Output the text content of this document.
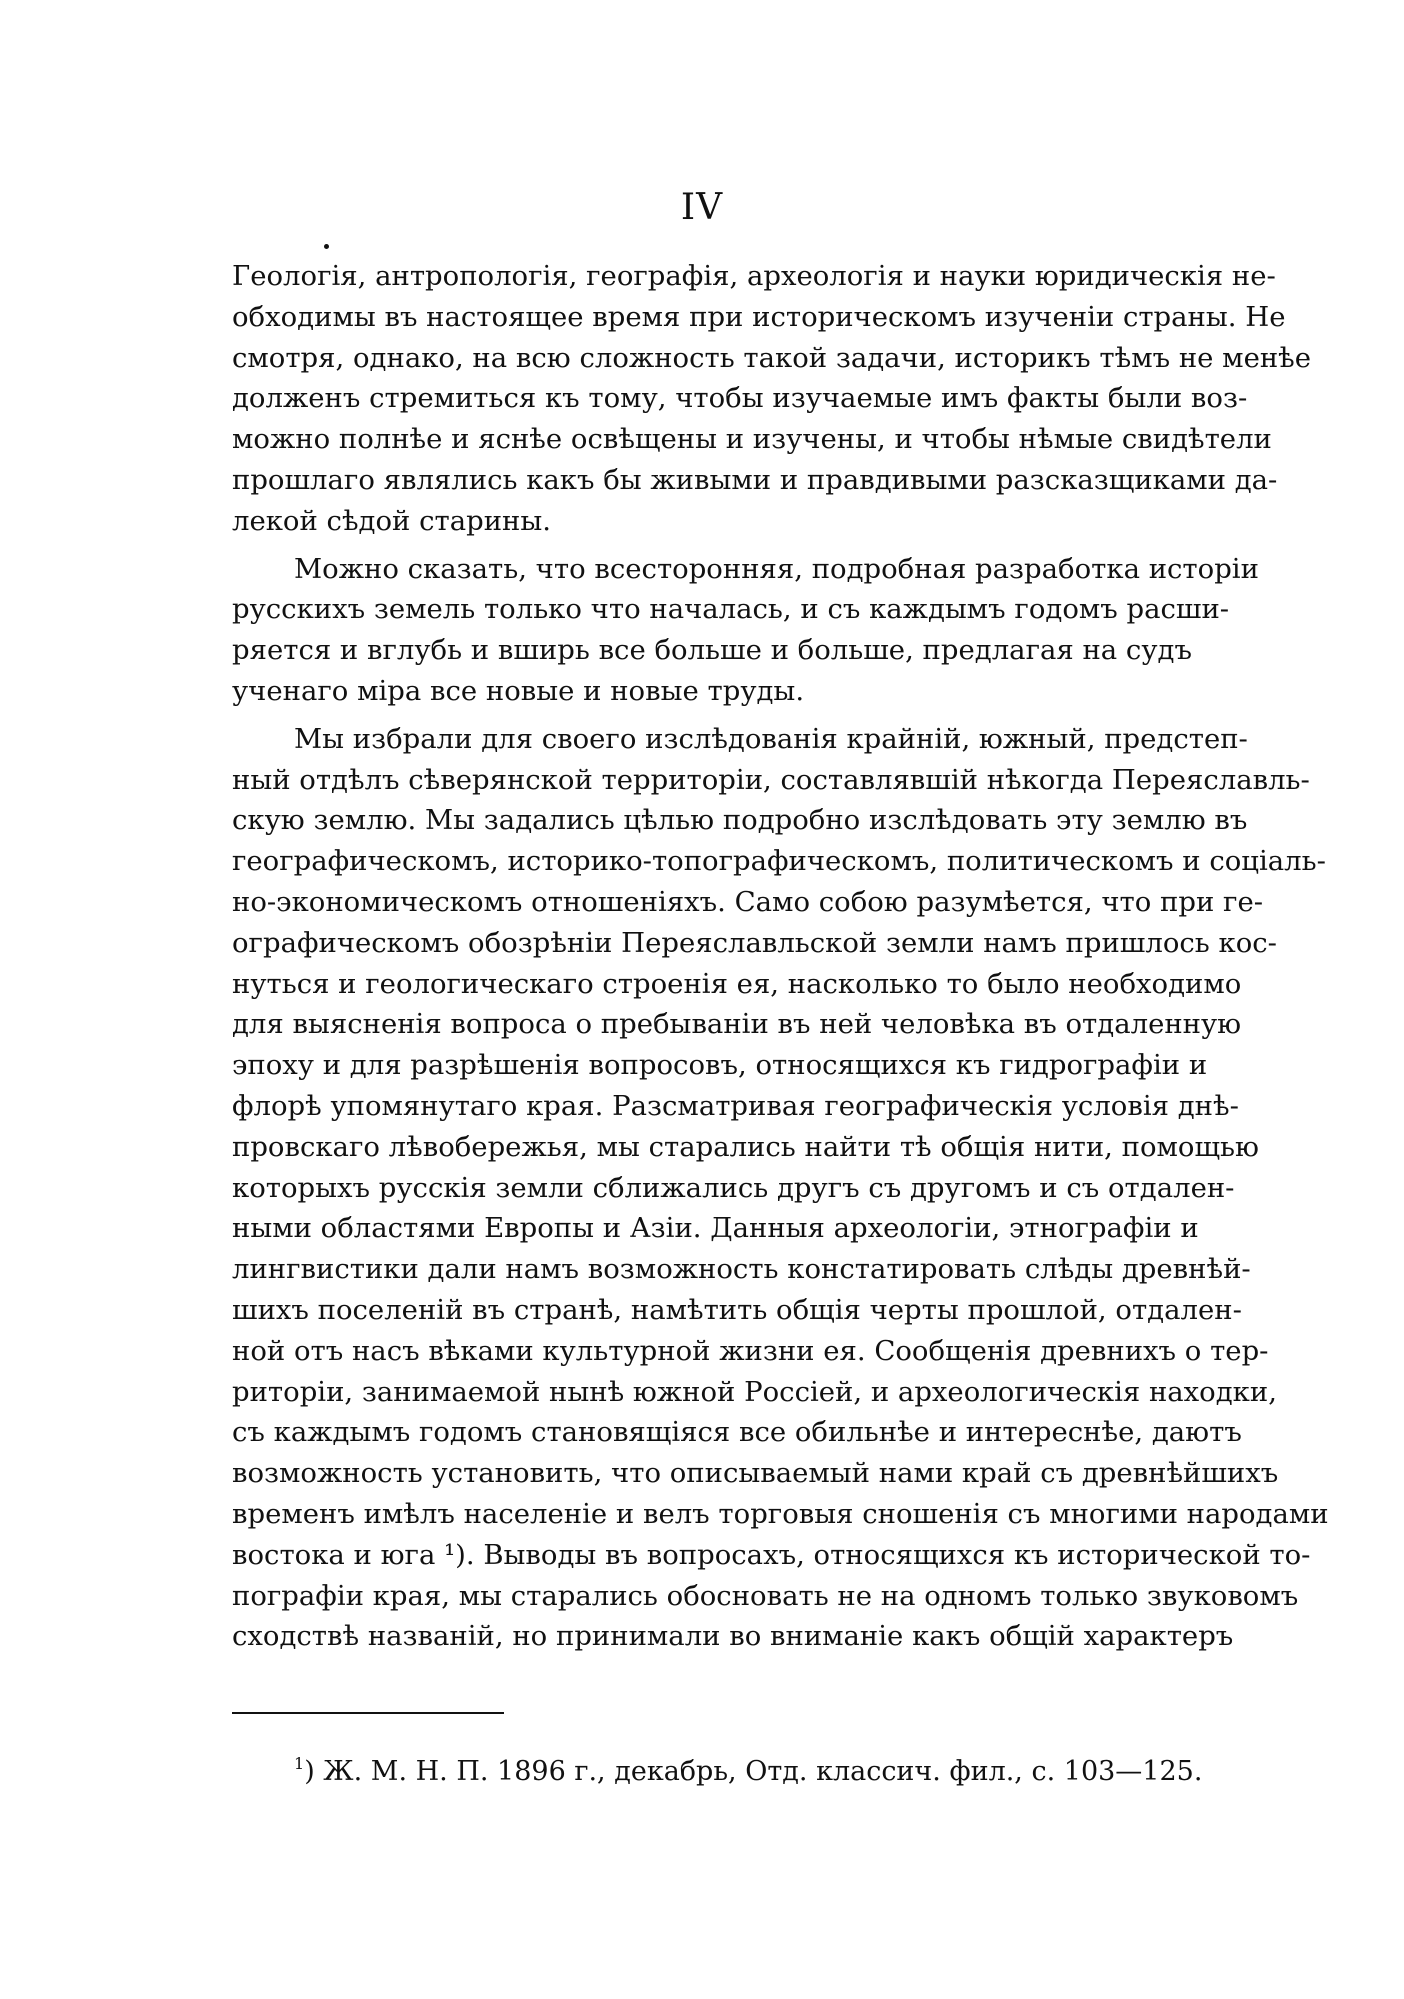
IV
Геологія, антропологія, географія, археологія и науки юридическія не-
обходимы въ настоящее время при историческомъ изученіи страны. Не
смотря, однако, на всю сложность такой задачи, историкъ тѣмъ не менѣе
долженъ стремиться къ тому, чтобы изучаемые имъ факты были воз-
можно полнѣе и яснѣе освѣщены и изучены, и чтобы нѣмые свидѣтели
прошлаго являлись какъ бы живыми и правдивыми разсказщиками да-
лекой сѣдой старины.
Можно сказать, что всесторонняя, подробная разработка исторіи
русскихъ земель только что началась, и съ каждымъ годомъ расши-
ряется и вглубь и вширь все больше и больше, предлагая на судъ
ученаго міра все новые и новые труды.
Мы избрали для своего изслѣдованія крайній, южный, предстеп-
ный отдѣлъ сѣверянской территоріи, составлявшій нѣкогда Переяславль-
скую землю. Мы задались цѣлью подробно изслѣдовать эту землю въ
географическомъ, историко-топографическомъ, политическомъ и соціаль-
но-экономическомъ отношеніяхъ. Само собою разумѣется, что при ге-
ографическомъ обозрѣніи Переяславльской земли намъ пришлось кос-
нуться и геологическаго строенія ея, насколько то было необходимо
для выясненія вопроса о пребываніи въ ней человѣка въ отдаленную
эпоху и для разрѣшенія вопросовъ, относящихся къ гидрографіи и
флорѣ упомянутаго края. Разсматривая географическія условія днѣ-
провскаго лѣвобережья, мы старались найти тѣ общія нити, помощью
которыхъ русскія земли сближались другъ съ другомъ и съ отдален-
ными областями Европы и Азіи. Данныя археологіи, этнографіи и
лингвистики дали намъ возможность констатировать слѣды древнѣй-
шихъ поселеній въ странѣ, намѣтить общія черты прошлой, отдален-
ной отъ насъ вѣками культурной жизни ея. Сообщенія древнихъ о тер-
риторіи, занимаемой нынѣ южной Россіей, и археологическія находки,
съ каждымъ годомъ становящіяся все обильнѣе и интереснѣе, даютъ
возможность установить, что описываемый нами край съ древнѣйшихъ
временъ имѣлъ населеніе и велъ торговыя сношенія съ многими народами
востока и юга ¹). Выводы въ вопросахъ, относящихся къ исторической то-
пографіи края, мы старались обосновать не на одномъ только звуковомъ
сходствѣ названій, но принимали во вниманіе какъ общій характеръ
$^1$) Ж. М. Н. П. 1896 г., декабрь, Отд. классич. фил., с. 103—125.
